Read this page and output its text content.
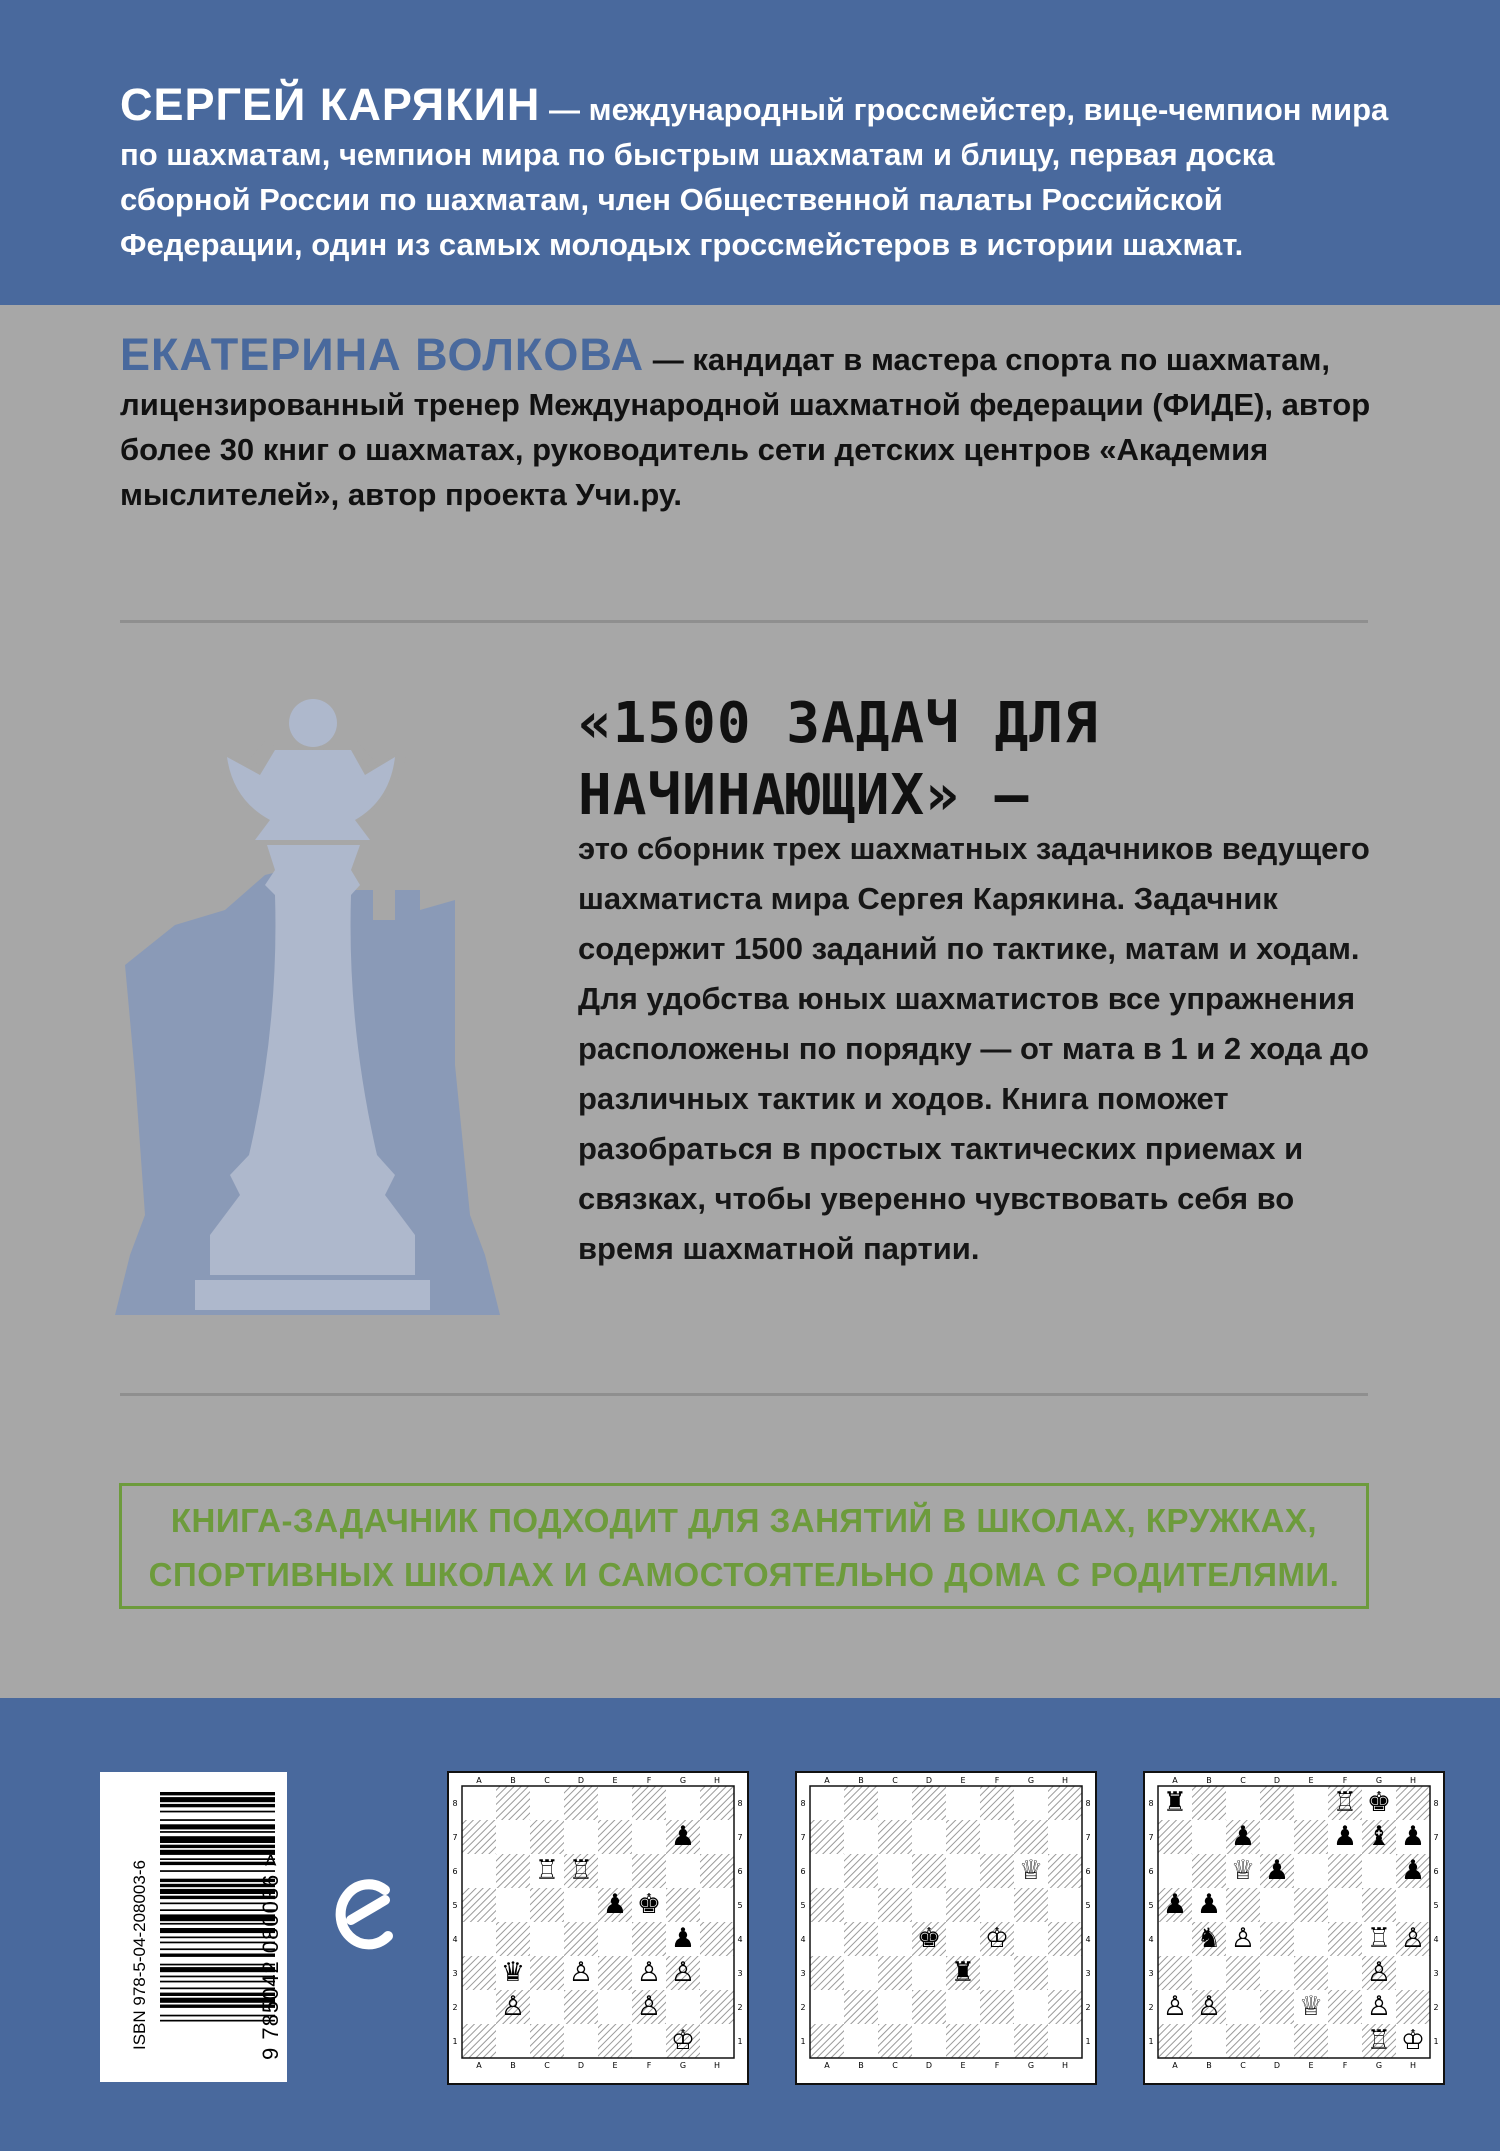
СЕРГЕЙ КАРЯКИН — международный гроссмейстер, вице-чемпион мира по шахматам, чемпион мира по быстрым шахматам и блицу, первая доска сборной России по шахматам, член Общественной палаты Российской Федерации, один из самых молодых гроссмейстеров в истории шахмат.
ЕКАТЕРИНА ВОЛКОВА — кандидат в мастера спорта по шахматам, лицензированный тренер Международной шахматной федерации (ФИДЕ), автор более 30 книг о шахматах, руководитель сети детских центров «Академия мыслителей», автор проекта Учи.ру.
«1500 ЗАДАЧ ДЛЯ
НАЧИНАЮЩИХ» —
это сборник трех шахматных задачников ведущего шахматиста мира Сергея Карякина. Задачник содержит 1500 заданий по тактике, матам и ходам. Для удобства юных шахматистов все упражнения расположены по порядку — от мата в 1 и 2 хода до различных тактик и ходов. Книга поможет разобраться в простых тактических приемах и связках, чтобы уверенно чувствовать себя во время шахматной партии.
КНИГА-ЗАДАЧНИК ПОДХОДИТ ДЛЯ ЗАНЯТИЙ В ШКОЛАХ, КРУЖКАХ,
СПОРТИВНЫХ ШКОЛАХ И САМОСТОЯТЕЛЬНО ДОМА С РОДИТЕЛЯМИ.
ISBN 978-5-04-208003-6	9 785042 080036 >
A
A
8	8
B
B
7	7
C
C
6	6
D
D
5	5
E
E
4	4
F
F
3	3
G
G
2	2
H
H
1	1
♟
♖ ♖
♟ ♚
♟
♛ ♙ ♙ ♙
♙	♙
♔
A
A
8	8
B
B
7	7
C
C
6	6
D
D
5	5
E
E
4	4
F
F
3	3
G
G
2	2
H
H
1	1
♕
♚ ♔
♜
A
A
8	8
B
B
7	7
C
C
6	6
D
D
5	5
E
E
4	4
F
F
3	3
G
G
2	2
H
H
1	1
♜	♖ ♚
♟	♟ ♝ ♟
♕ ♟	♟
♟ ♟
♞ ♙	♖ ♙
♙
♙ ♙	♕ ♙
♖ ♔
